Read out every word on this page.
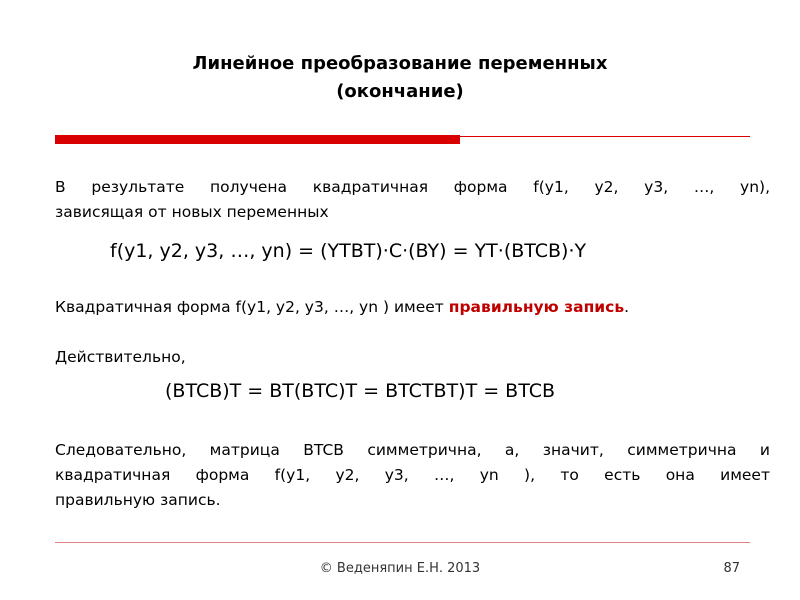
Линейное преобразование переменных
(окончание)
В результате получена квадратичная форма f(y1, y2, y3, …, yn),
зависящая от новых переменных
f(y1, y2, y3, …, yn) = (YTBT)·C·(BY) = YT·(BTCB)·Y
Квадратичная форма f(y1, y2, y3, …, yn ) имеет правильную запись.
Действительно,
(BTCB)T = BT(BTC)T = BTCTBT)T = BTCB
Следовательно, матрица BTCB симметрична, а, значит, симметрична и
квадратичная форма f(y1, y2, y3, …, yn ), то есть она имеет
правильную запись.
© Веденяпин Е.Н. 2013	87
